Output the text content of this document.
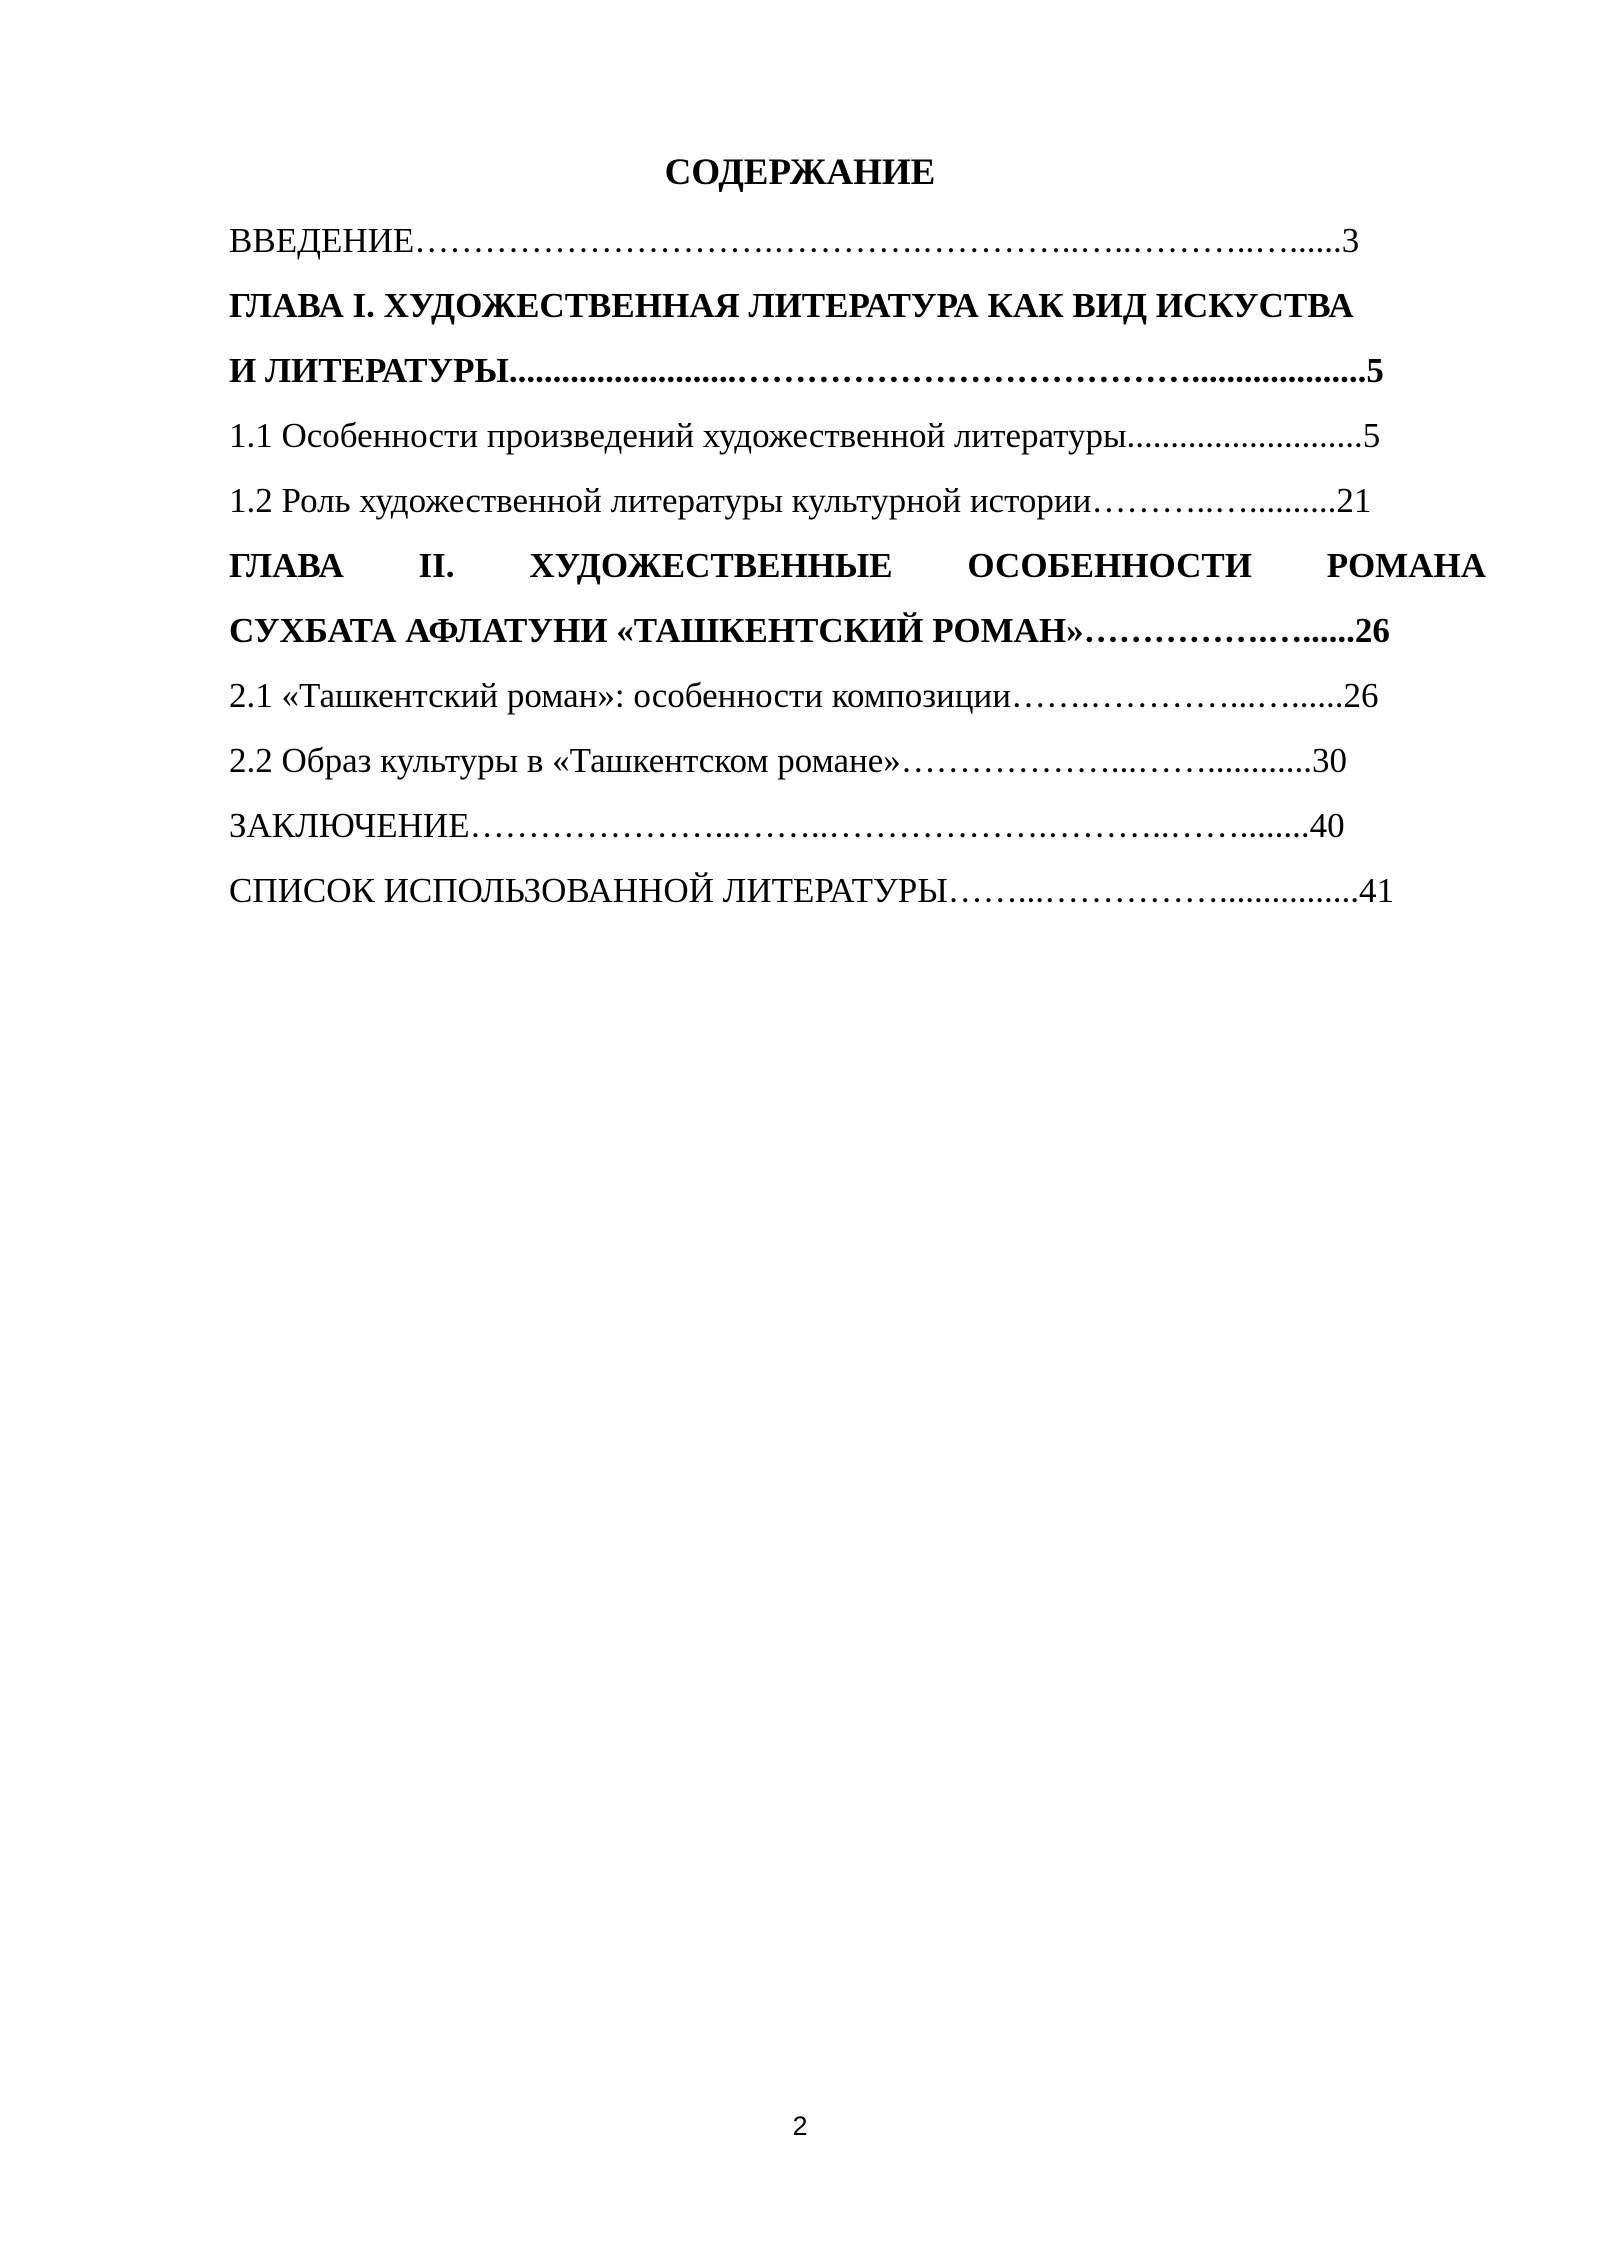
СОДЕРЖАНИЕ
ВВЕДЕНИЕ………………………….………….…………..…..………..…......3
ГЛАВА I. ХУДОЖЕСТВЕННАЯ ЛИТЕРАТУРА КАК ВИД ИСКУСТВА
И ЛИТЕРАТУРЫ..........................…………………………………....................5
1.1 Особенности произведений художественной литературы...........................5
1.2 Роль художественной литературы культурной истории………..…..........21
ГЛАВА II. ХУДОЖЕСТВЕННЫЕ ОСОБЕННОСТИ РОМАНА
СУХБАТА АФЛАТУНИ «ТАШКЕНТСКИЙ РОМАН»…………….…......26
2.1 «Ташкентский роман»: особенности композиции…….…………...…......26
2.2 Образ культуры в «Ташкентском романе»………………...……............30
ЗАКЛЮЧЕНИЕ…………………...……..……………….………..……........40
СПИСОК ИСПОЛЬЗОВАННОЙ ЛИТЕРАТУРЫ……...……………................41
2
